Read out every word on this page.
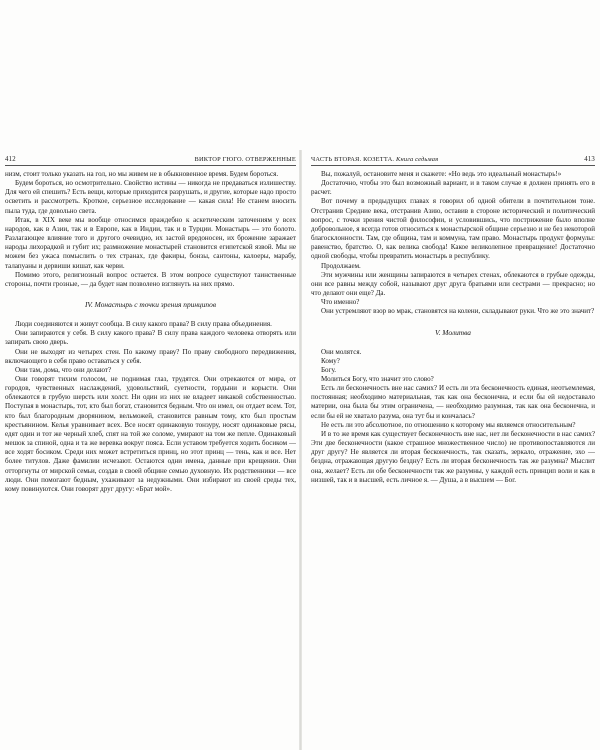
412	ВИКТОР ГЮГО. ОТВЕРЖЕННЫЕ

низм, стоит только указать на гол, но мы живем не в обыкновенное время. Будем бороться.

Будем бороться, но осмотрительно. Свойство истины — никогда не предаваться излишеству. Для чего ей спешить? Есть вещи, которые приходится разрушать, и другие, которые надо просто осветить и рассмотреть. Кроткое, серьезное исследование — какая сила! Не станем вносить пыла туда, где довольно света.

Итак, в XIX веке мы вообще относимся враждебно к аскетическим заточениям у всех народов, как в Азии, так и в Европе, как в Индии, так и в Турции. Монастырь — это болото. Разлагающее влияние того и другого очевидно, их застой вредоносен, их брожение заражает народы лихорадкой и губит их; размножение монастырей становится египетской язвой. Мы не можем без ужаса помыслить о тех странах, где факиры, бонзы, сантоны, калоеры, марабу, талапуаны и дервиши кишат, как черви.

Помимо этого, религиозный вопрос остается. В этом вопросе существуют таинственные стороны, почти грозные, — да будет нам позволено взглянуть на них прямо.

IV. Монастырь с точки зрения принципов

Люди соединяются и живут сообща. В силу какого права? В силу права объединения.

Они запираются у себя. В силу какого права? В силу права каждого человека отворять или запирать свою дверь.

Они не выходят из четырех стен. По какому праву? По праву свободного передвижения, включающего в себя право оставаться у себя.

Они там, дома, что они делают?

Они говорят тихим голосом, не поднимая глаз, трудятся. Они отрекаются от мира, от городов, чувственных наслаждений, удовольствий, суетности, гордыни и корысти. Они облекаются в грубую шерсть или холст. Ни один из них не владеет никакой собственностью. Поступая в монастырь, тот, кто был богат, становится бедным. Что он имел, он отдает всем. Тот, кто был благородным дворянином, вельможей, становится равным тому, кто был простым крестьянином. Келья уравнивает всех. Все носят одинаковую тонзуру, носят одинаковые рясы, едят один и тот же черный хлеб, спят на той же соломе, умирают на том же пепле. Одинаковый мешок за спиной, одна и та же веревка вокруг пояса. Если уставом требуется ходить босиком — все ходят босиком. Среди них может встретиться принц, но этот принц — тень, как и все. Нет более титулов. Даже фамилии исчезают. Остаются одни имена, данные при крещении. Они отторгнуты от мирской семьи, создав в своей общине семью духовную. Их родственники — все люди. Они помогают бедным, ухаживают за недужными. Они избирают из своей среды тех, кому повинуются. Они говорят друг другу: «Брат мой».

ЧАСТЬ ВТОРАЯ. КОЗЕТТА. Книга седьмая	413

Вы, пожалуй, остановите меня и скажете: «Но ведь это идеальный монастырь!»

Достаточно, чтобы это был возможный вариант, и в таком случае я должен принять его в расчет.

Вот почему в предыдущих главах я говорил об одной обители в почтительном тоне. Отстранив Средние века, отстранив Азию, оставив в стороне исторический и политический вопрос, с точки зрения чистой философии, и условившись, что пострижение было вполне добровольное, я всегда готов относиться к монастырской общине серьезно и не без некоторой благосклонности. Там, где община, там и коммуна, там право. Монастырь продукт формулы: равенство, братство. О, как велика свобода! Какое великолепное превращение! Достаточно одной свободы, чтобы превратить монастырь в республику.

Продолжаем.

Эти мужчины или женщины запираются в четырех стенах, облекаются в грубые одежды, они все равны между собой, называют друг друга братьями или сестрами — прекрасно; но что делают они еще? Да.

Что именно?

Они устремляют взор во мрак, становятся на колени, складывают руки. Что же это значит?

V. Молитва

Они молятся.

Кому?

Богу.

Молиться Богу, что значит это слово?

Есть ли бесконечность вне нас самих? И есть ли эта бесконечность единая, неотъемлемая, постоянная; необходимо материальная, так как она бесконечна, и если бы ей недоставало материи, она была бы этим ограничена, — необходимо разумная, так как она бесконечна, и если бы ей не хватало разума, она тут бы и кончалась?

Не есть ли это абсолютное, по отношению к которому мы являемся относительным?

И в то же время как существует бесконечность вне нас, нет ли бесконечности в нас самих? Эти две бесконечности (какое страшное множественное число) не противопоставляются ли друг другу? Не является ли вторая бесконечность, так сказать, зеркало, отражение, эхо — бездна, отражающая другую бездну? Есть ли вторая бесконечность так же разумна? Мыслит она, желает? Есть ли обе бесконечности так же разумны, у каждой есть принцип воли и как в низшей, так и в высшей, есть личное я. — Душа, а в высшем — Бог.
